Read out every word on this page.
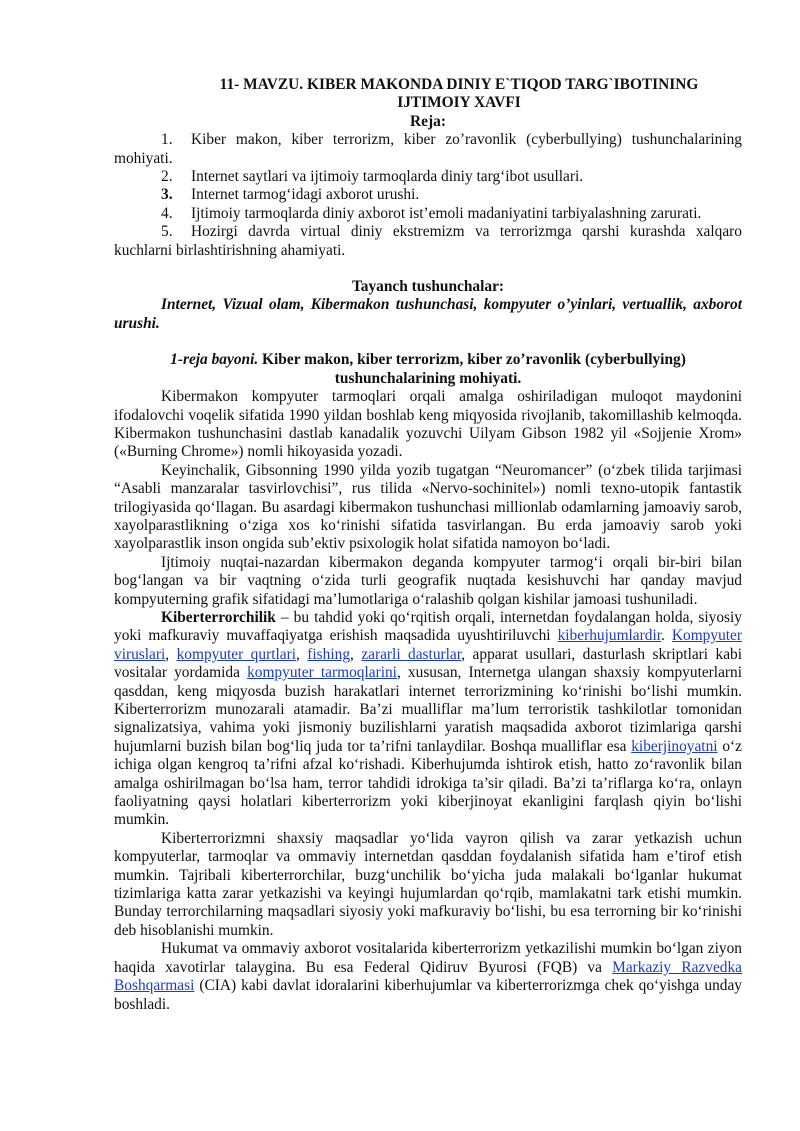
11- MAVZU. KIBER MAKONDA DINIY E`TIQOD TARG`IBOTINING

IJTIMOIY XAVFI

Reja:

1. Kiber makon, kiber terrorizm, kiber zo’ravonlik (cyberbullying) tushunchalarining mohiyati.

2. Internet saytlari va ijtimoiy tarmoqlarda diniy targ‘ibot usullari.

3. Internet tarmog‘idagi axborot urushi.

4. Ijtimoiy tarmoqlarda diniy axborot ist’emoli madaniyatini tarbiyalashning zarurati.

5. Hozirgi davrda virtual diniy ekstremizm va terrorizmga qarshi kurashda xalqaro kuchlarni birlashtirishning ahamiyati.

Tayanch tushunchalar:

Internet, Vizual olam, Kibermakon tushunchasi, kompyuter o’yinlari, vertuallik, axborot urushi.

1-reja bayoni. Kiber makon, kiber terrorizm, kiber zo’ravonlik (cyberbullying)

tushunchalarining mohiyati.

Kibermakon kompyuter tarmoqlari orqali amalga oshiriladigan muloqot maydonini ifodalovchi voqelik sifatida 1990 yildan boshlab keng miqyosida rivojlanib, takomillashib kelmoqda. Kibermakon tushunchasini dastlab kanadalik yozuvchi Uilyam Gibson 1982 yil «Sojjenie Xrom» («Burning Chrome») nomli hikoyasida yozadi.

Keyinchalik, Gibsonning 1990 yilda yozib tugatgan “Neuromancer” (o‘zbek tilida tarjimasi “Asabli manzaralar tasvirlovchisi”, rus tilida «Nervo-sochinitel») nomli texno-utopik fantastik trilogiyasida qo‘llagan. Bu asardagi kibermakon tushunchasi millionlab odamlarning jamoaviy sarob, xayolparastlikning o‘ziga xos ko‘rinishi sifatida tasvirlangan. Bu erda jamoaviy sarob yoki xayolparastlik inson ongida sub’ektiv psixologik holat sifatida namoyon bo‘ladi.

Ijtimoiy nuqtai-nazardan kibermakon deganda kompyuter tarmog‘i orqali bir-biri bilan bog‘langan va bir vaqtning o‘zida turli geografik nuqtada kesishuvchi har qanday mavjud kompyuterning grafik sifatidagi ma’lumotlariga o‘ralashib qolgan kishilar jamoasi tushuniladi.

Kiberterrorchilik – bu tahdid yoki qo‘rqitish orqali, internetdan foydalangan holda, siyosiy yoki mafkuraviy muvaffaqiyatga erishish maqsadida uyushtiriluvchi kiberhujumlardir. Kompyuter viruslari, kompyuter qurtlari, fishing, zararli dasturlar, apparat usullari, dasturlash skriptlari kabi vositalar yordamida kompyuter tarmoqlarini, xususan, Internetga ulangan shaxsiy kompyuterlarni qasddan, keng miqyosda buzish harakatlari internet terrorizmining ko‘rinishi bo‘lishi mumkin. Kiberterrorizm munozarali atamadir. Ba’zi mualliflar ma’lum terroristik tashkilotlar tomonidan signalizatsiya, vahima yoki jismoniy buzilishlarni yaratish maqsadida axborot tizimlariga qarshi hujumlarni buzish bilan bog‘liq juda tor ta’rifni tanlaydilar. Boshqa mualliflar esa kiberjinoyatni o‘z ichiga olgan kengroq ta’rifni afzal ko‘rishadi. Kiberhujumda ishtirok etish, hatto zo‘ravonlik bilan amalga oshirilmagan bo‘lsa ham, terror tahdidi idrokiga ta’sir qiladi. Ba’zi ta’riflarga ko‘ra, onlayn faoliyatning qaysi holatlari kiberterrorizm yoki kiberjinoyat ekanligini farqlash qiyin bo‘lishi mumkin.

Kiberterrorizmni shaxsiy maqsadlar yo‘lida vayron qilish va zarar yetkazish uchun kompyuterlar, tarmoqlar va ommaviy internetdan qasddan foydalanish sifatida ham e’tirof etish mumkin. Tajribali kiberterrorchilar, buzg‘unchilik bo‘yicha juda malakali bo‘lganlar hukumat tizimlariga katta zarar yetkazishi va keyingi hujumlardan qo‘rqib, mamlakatni tark etishi mumkin. Bunday terrorchilarning maqsadlari siyosiy yoki mafkuraviy bo‘lishi, bu esa terrorning bir ko‘rinishi deb hisoblanishi mumkin.

Hukumat va ommaviy axborot vositalarida kiberterrorizm yetkazilishi mumkin bo‘lgan ziyon haqida xavotirlar talaygina. Bu esa Federal Qidiruv Byurosi (FQB) va Markaziy Razvedka Boshqarmasi (CIA) kabi davlat idoralarini kiberhujumlar va kiberterrorizmga chek qo‘yishga unday boshladi.
